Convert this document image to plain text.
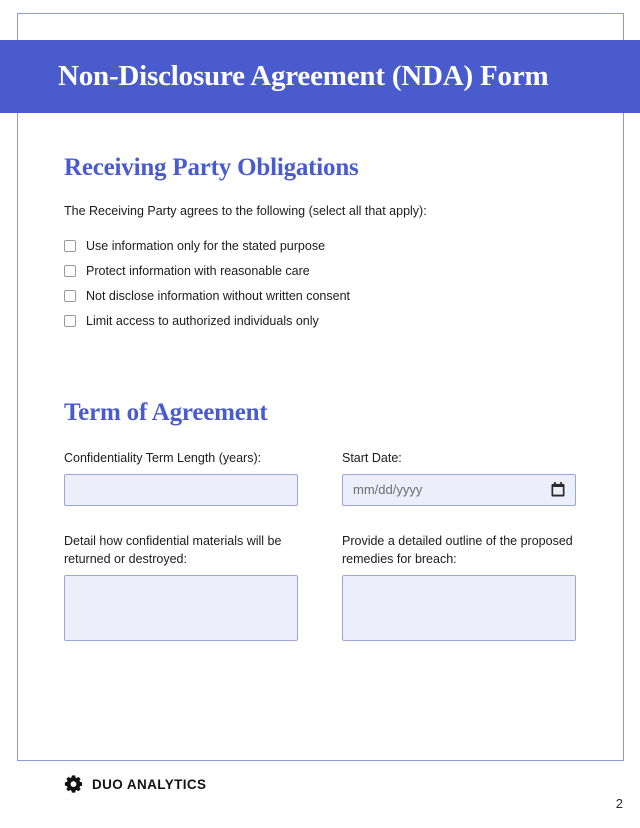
Non-Disclosure Agreement (NDA) Form
Receiving Party Obligations

The Receiving Party agrees to the following (select all that apply):

Use information only for the stated purpose
Protect information with reasonable care
Not disclose information without written consent
Limit access to authorized individuals only
Term of Agreement
Confidentiality Term Length (years):	Start Date:
mm/dd/yyyy
Detail how confidential materials will be returned or destroyed:
Provide a detailed outline of the proposed remedies for breach:
DUO ANALYTICS
2
